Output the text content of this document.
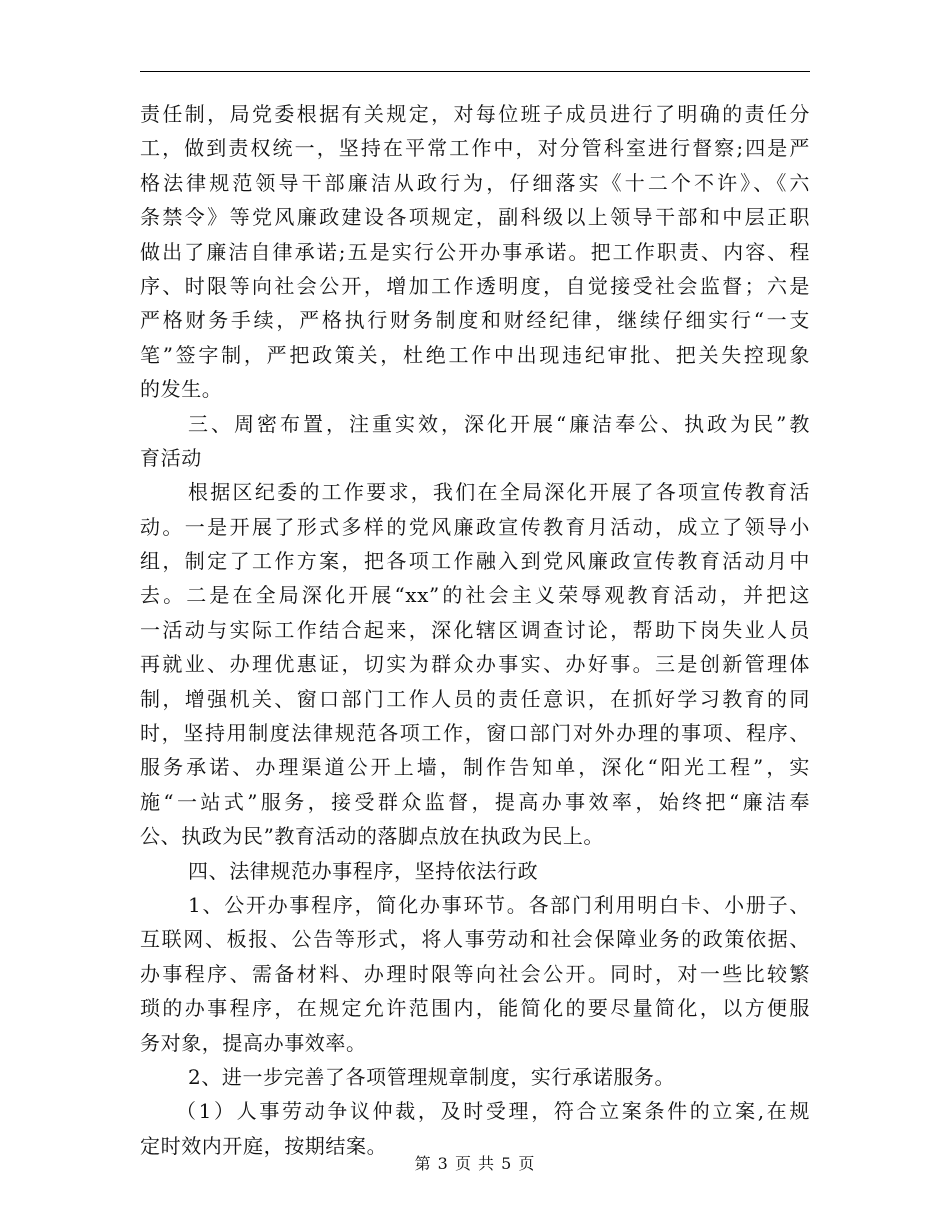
责任制，局党委根据有关规定，对每位班子成员进行了明确的责任分
工，做到责权统一，坚持在平常工作中，对分管科室进行督察;四是严
格法律规范领导干部廉洁从政行为，仔细落实《十二个不许》、《六
条禁令》等党风廉政建设各项规定，副科级以上领导干部和中层正职
做出了廉洁自律承诺;五是实行公开办事承诺。把工作职责、内容、程
序、时限等向社会公开，增加工作透明度，自觉接受社会监督；六是
严格财务手续，严格执行财务制度和财经纪律，继续仔细实行“一支
笔”签字制，严把政策关，杜绝工作中出现违纪审批、把关失控现象
的发生。
三、周密布置，注重实效，深化开展“廉洁奉公、执政为民”教
育活动
根据区纪委的工作要求，我们在全局深化开展了各项宣传教育活
动。一是开展了形式多样的党风廉政宣传教育月活动，成立了领导小
组，制定了工作方案，把各项工作融入到党风廉政宣传教育活动月中
去。二是在全局深化开展“xx”的社会主义荣辱观教育活动，并把这
一活动与实际工作结合起来，深化辖区调查讨论，帮助下岗失业人员
再就业、办理优惠证，切实为群众办事实、办好事。三是创新管理体
制，增强机关、窗口部门工作人员的责任意识，在抓好学习教育的同
时，坚持用制度法律规范各项工作，窗口部门对外办理的事项、程序、
服务承诺、办理渠道公开上墙，制作告知单，深化“阳光工程”，实
施“一站式”服务，接受群众监督，提高办事效率，始终把“廉洁奉
公、执政为民”教育活动的落脚点放在执政为民上。
四、法律规范办事程序，坚持依法行政
1、公开办事程序，简化办事环节。各部门利用明白卡、小册子、
互联网、板报、公告等形式，将人事劳动和社会保障业务的政策依据、
办事程序、需备材料、办理时限等向社会公开。同时，对一些比较繁
琐的办事程序，在规定允许范围内，能简化的要尽量简化，以方便服
务对象，提高办事效率。
2、进一步完善了各项管理规章制度，实行承诺服务。
（1）人事劳动争议仲裁，及时受理，符合立案条件的立案,在规
定时效内开庭，按期结案。
第 3 页 共 5 页
